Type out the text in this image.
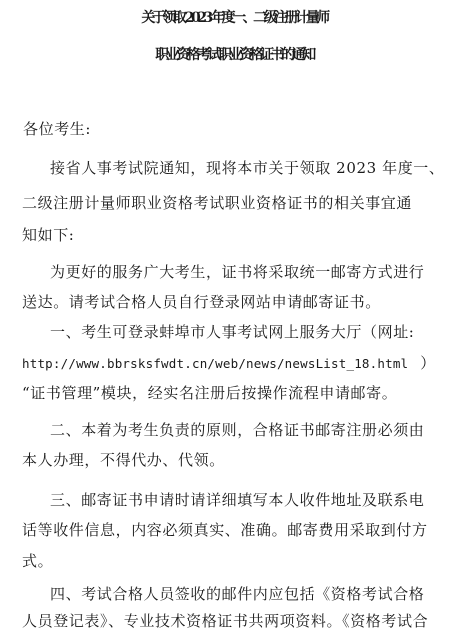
关于领取 2023 年度一、二级注册计量师
职业资格考试职业资格证书的通知
各位考生:
接省人事考试院通知，现将本市关于领取 2023 年度一、
二级注册计量师职业资格考试职业资格证书的相关事宜通
知如下:
为更好的服务广大考生，证书将采取统一邮寄方式进行
送达。请考试合格人员自行登录网站申请邮寄证书。
一、考生可登录蚌埠市人事考试网上服务大厅（网址:
http://www.bbrsksfwdt.cn/web/news/newsList_18.html ）
“证书管理”模块，经实名注册后按操作流程申请邮寄。
二、本着为考生负责的原则，合格证书邮寄注册必须由
本人办理，不得代办、代领。
三、邮寄证书申请时请详细填写本人收件地址及联系电
话等收件信息，内容必须真实、准确。邮寄费用采取到付方
式。
四、考试合格人员签收的邮件内应包括《资格考试合格
人员登记表》、专业技术资格证书共两项资料。《资格考试合
